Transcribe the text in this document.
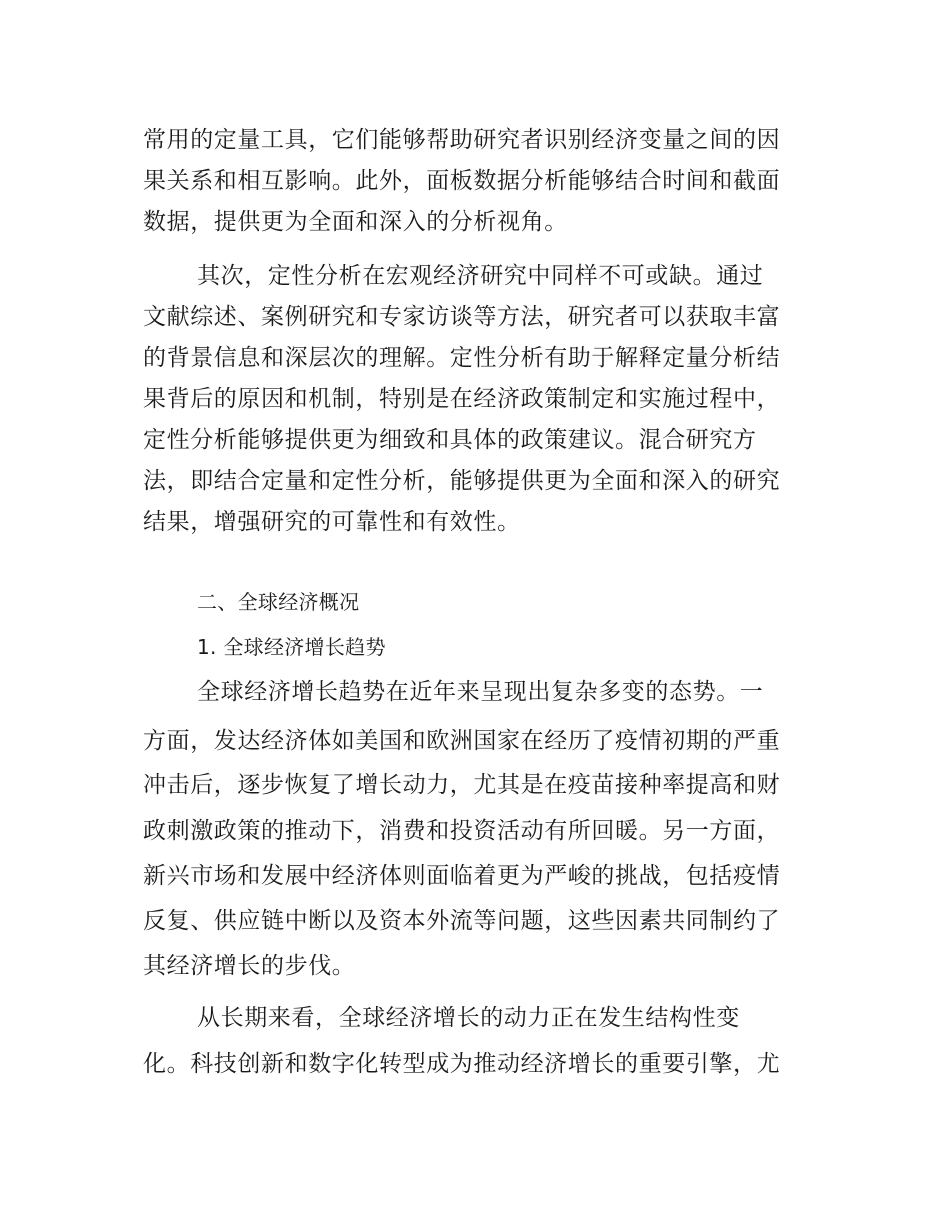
常用的定量工具，它们能够帮助研究者识别经济变量之间的因
果关系和相互影响。此外，面板数据分析能够结合时间和截面
数据，提供更为全面和深入的分析视角。
其次，定性分析在宏观经济研究中同样不可或缺。通过
文献综述、案例研究和专家访谈等方法，研究者可以获取丰富
的背景信息和深层次的理解。定性分析有助于解释定量分析结
果背后的原因和机制，特别是在经济政策制定和实施过程中，
定性分析能够提供更为细致和具体的政策建议。混合研究方
法，即结合定量和定性分析，能够提供更为全面和深入的研究
结果，增强研究的可靠性和有效性。
二、全球经济概况
1. 全球经济增长趋势
全球经济增长趋势在近年来呈现出复杂多变的态势。一
方面，发达经济体如美国和欧洲国家在经历了疫情初期的严重
冲击后，逐步恢复了增长动力，尤其是在疫苗接种率提高和财
政刺激政策的推动下，消费和投资活动有所回暖。另一方面，
新兴市场和发展中经济体则面临着更为严峻的挑战，包括疫情
反复、供应链中断以及资本外流等问题，这些因素共同制约了
其经济增长的步伐。
从长期来看，全球经济增长的动力正在发生结构性变
化。科技创新和数字化转型成为推动经济增长的重要引擎，尤
